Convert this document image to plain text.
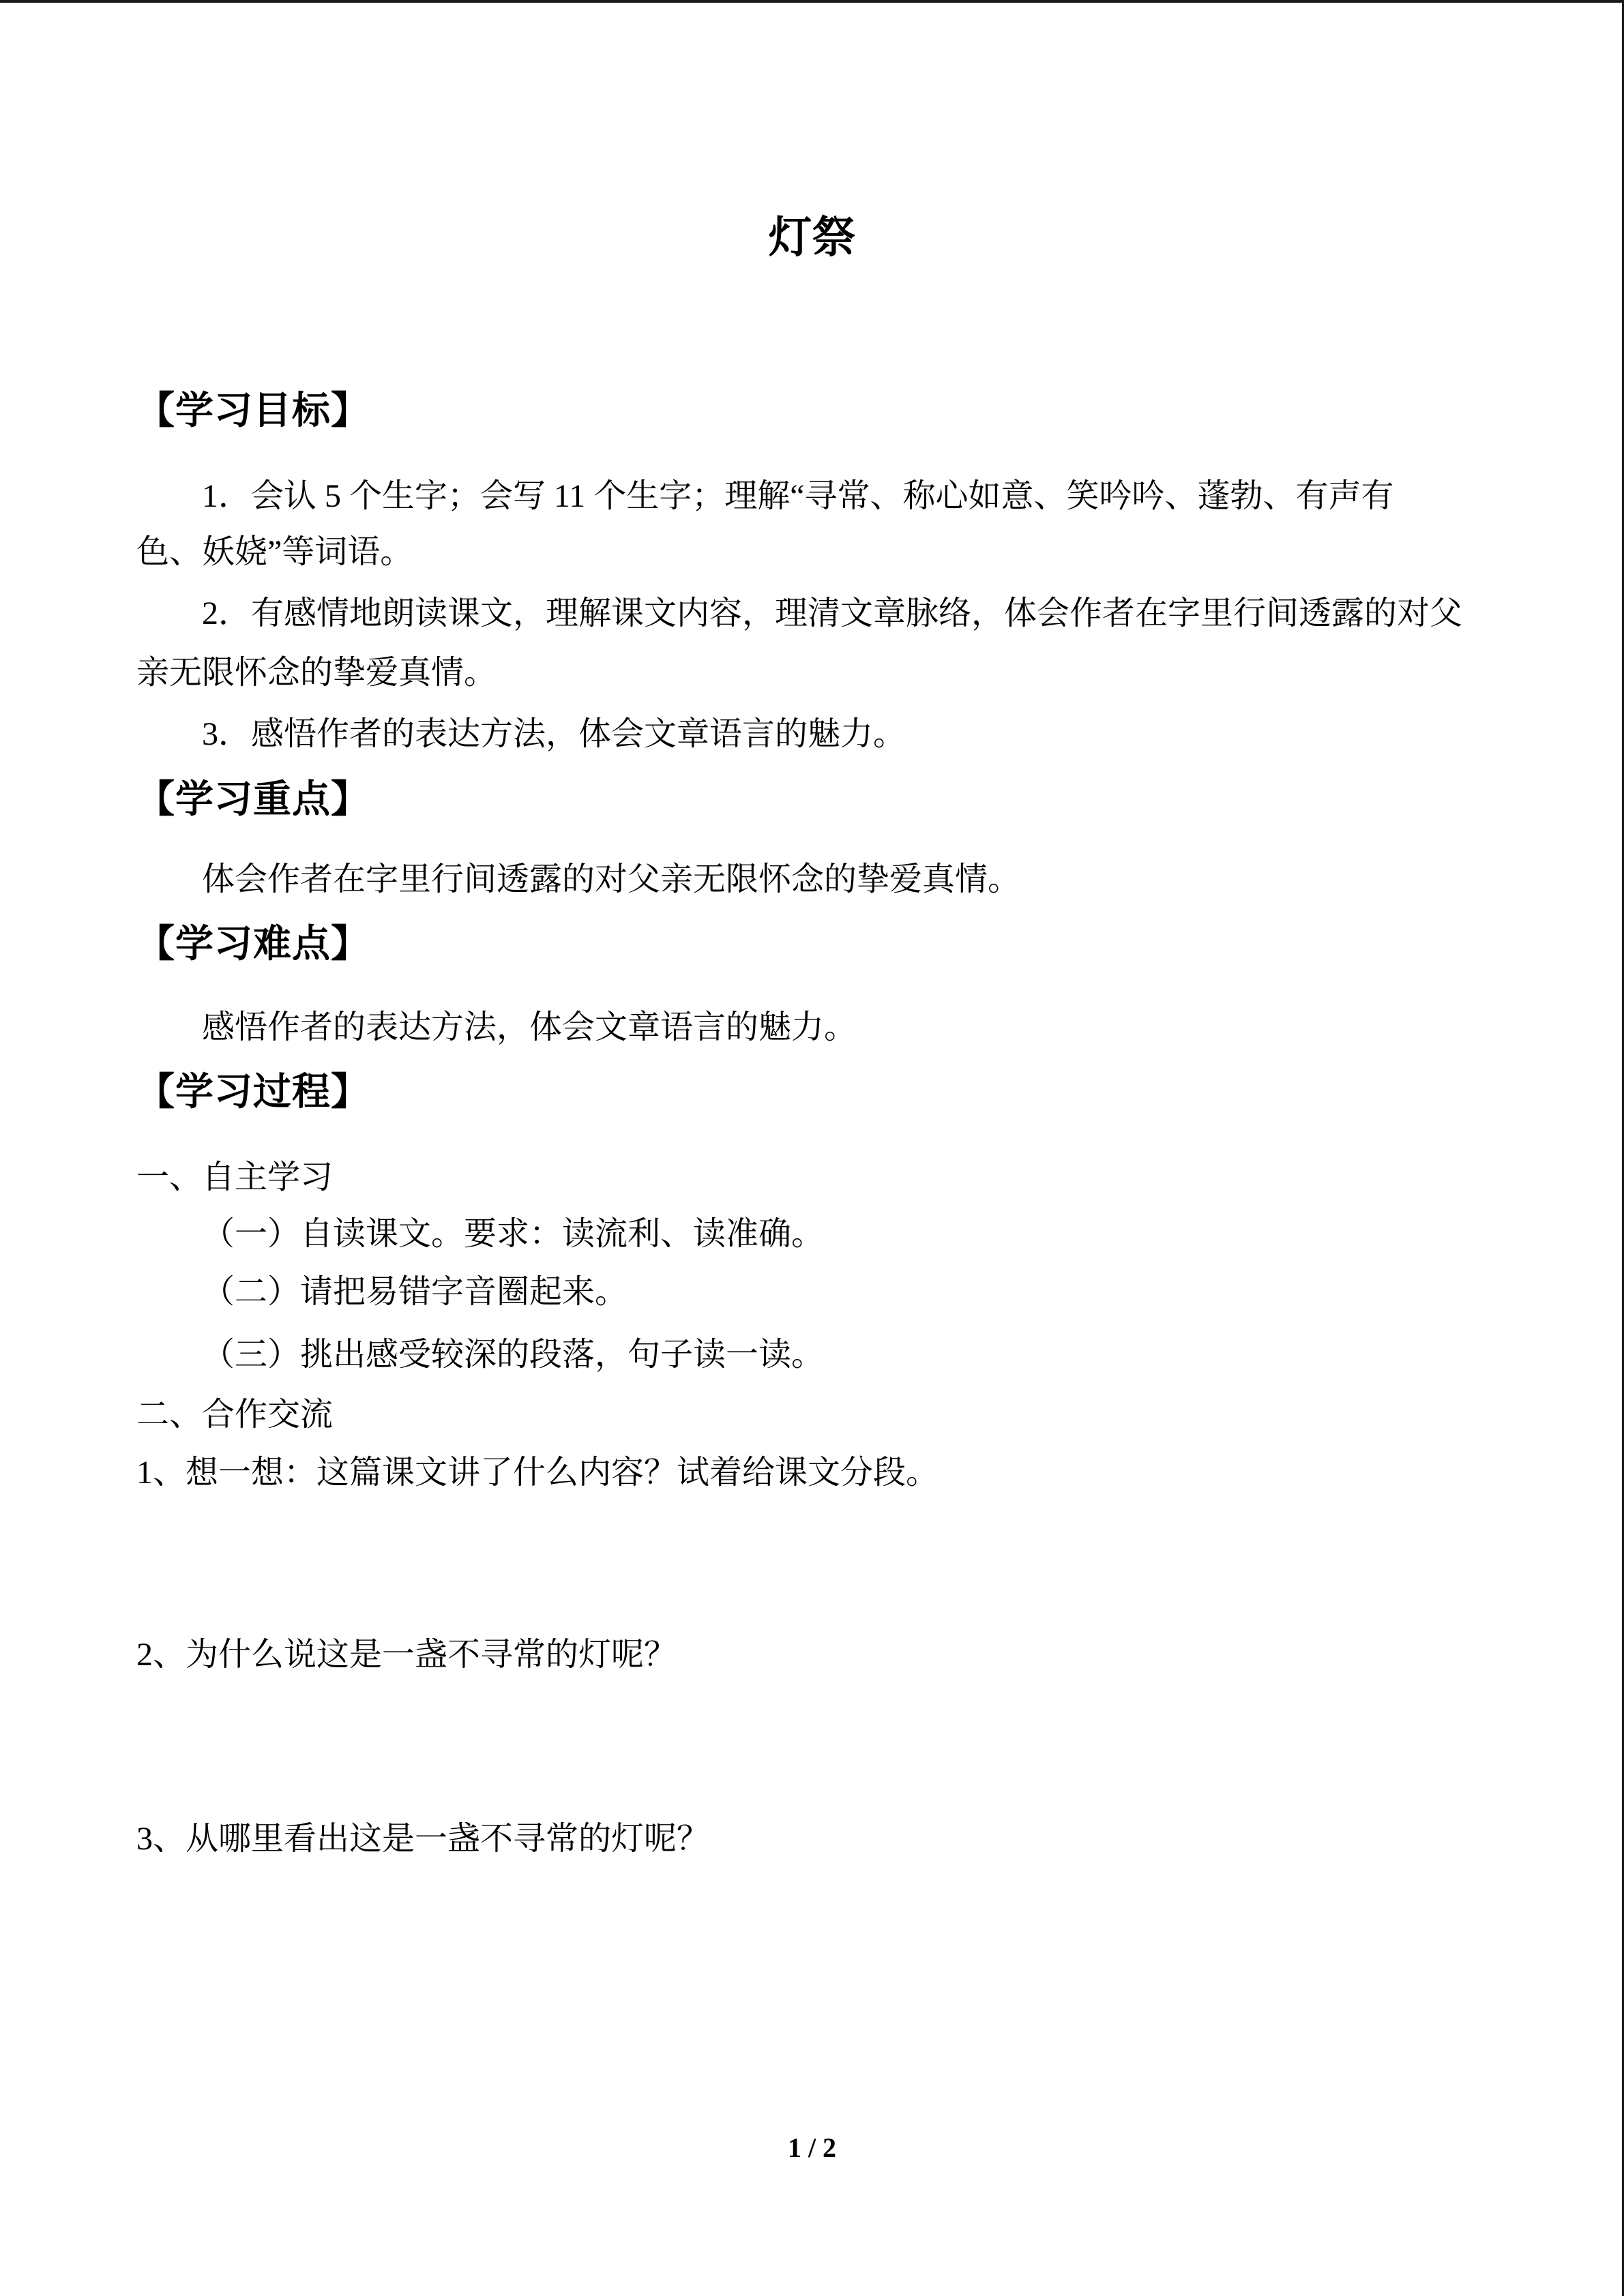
灯祭
【学习目标】
1．会认 5 个生字；会写 11 个生字；理解“寻常、称心如意、笑吟吟、蓬勃、有声有
色、妖娆”等词语。
2．有感情地朗读课文，理解课文内容，理清文章脉络，体会作者在字里行间透露的对父
亲无限怀念的挚爱真情。
3．感悟作者的表达方法，体会文章语言的魅力。
【学习重点】
体会作者在字里行间透露的对父亲无限怀念的挚爱真情。
【学习难点】
感悟作者的表达方法，体会文章语言的魅力。
【学习过程】
一、自主学习
（一）自读课文。要求：读流利、读准确。
（二）请把易错字音圈起来。
（三）挑出感受较深的段落，句子读一读。
二、合作交流
1、想一想：这篇课文讲了什么内容？试着给课文分段。
2、为什么说这是一盏不寻常的灯呢？
3、从哪里看出这是一盏不寻常的灯呢？
1 / 2
